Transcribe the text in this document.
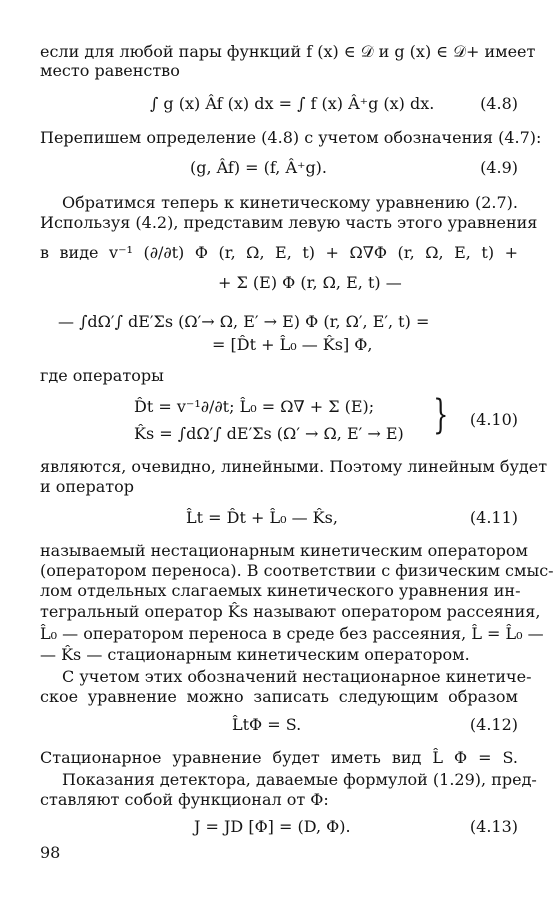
если для любой пары функций f (x) ∈ 𝒟 и g (x) ∈ 𝒟+ имеет
место равенство
∫ g (x) Âf (x) dx = ∫ f (x) Â⁺g (x) dx.	(4.8)
Перепишем определение (4.8) с учетом обозначения (4.7):
(g, Âf) = (f, Â⁺g).	(4.9)
Обратимся теперь к кинетическому уравнению (2.7).
Используя (4.2), представим левую часть этого уравнения
в виде v⁻¹ (∂/∂t) Φ (r, Ω, E, t) + Ω∇Φ (r, Ω, E, t) +
+ Σ (E) Φ (r, Ω, E, t) —
— ∫dΩ′∫ dE′Σs (Ω′→ Ω, E′ → E) Φ (r, Ω′, E′, t) =
= [D̂t + L̂₀ — K̂s] Φ,
где операторы
D̂t = v⁻¹∂/∂t; L̂₀ = Ω∇ + Σ (E);
K̂s = ∫dΩ′∫ dE′Σs (Ω′ → Ω, E′ → E) } (4.10)
являются, очевидно, линейными. Поэтому линейным будет
и оператор
L̂t = D̂t + L̂₀ — K̂s,	(4.11)
называемый нестационарным кинетическим оператором
(оператором переноса). В соответствии с физическим смыс-
лом отдельных слагаемых кинетического уравнения ин-
тегральный оператор K̂s называют оператором рассеяния,
L̂₀ — оператором переноса в среде без рассеяния, L̂ = L̂₀ —
— K̂s — стационарным кинетическим оператором.
С учетом этих обозначений нестационарное кинетиче-
ское уравнение можно записать следующим образом
L̂tΦ = S.	(4.12)
Стационарное уравнение будет иметь вид L̂ Φ = S.
Показания детектора, даваемые формулой (1.29), пред-
ставляют собой функционал от Φ:
J = JD [Φ] = (D, Φ).	(4.13)
98
